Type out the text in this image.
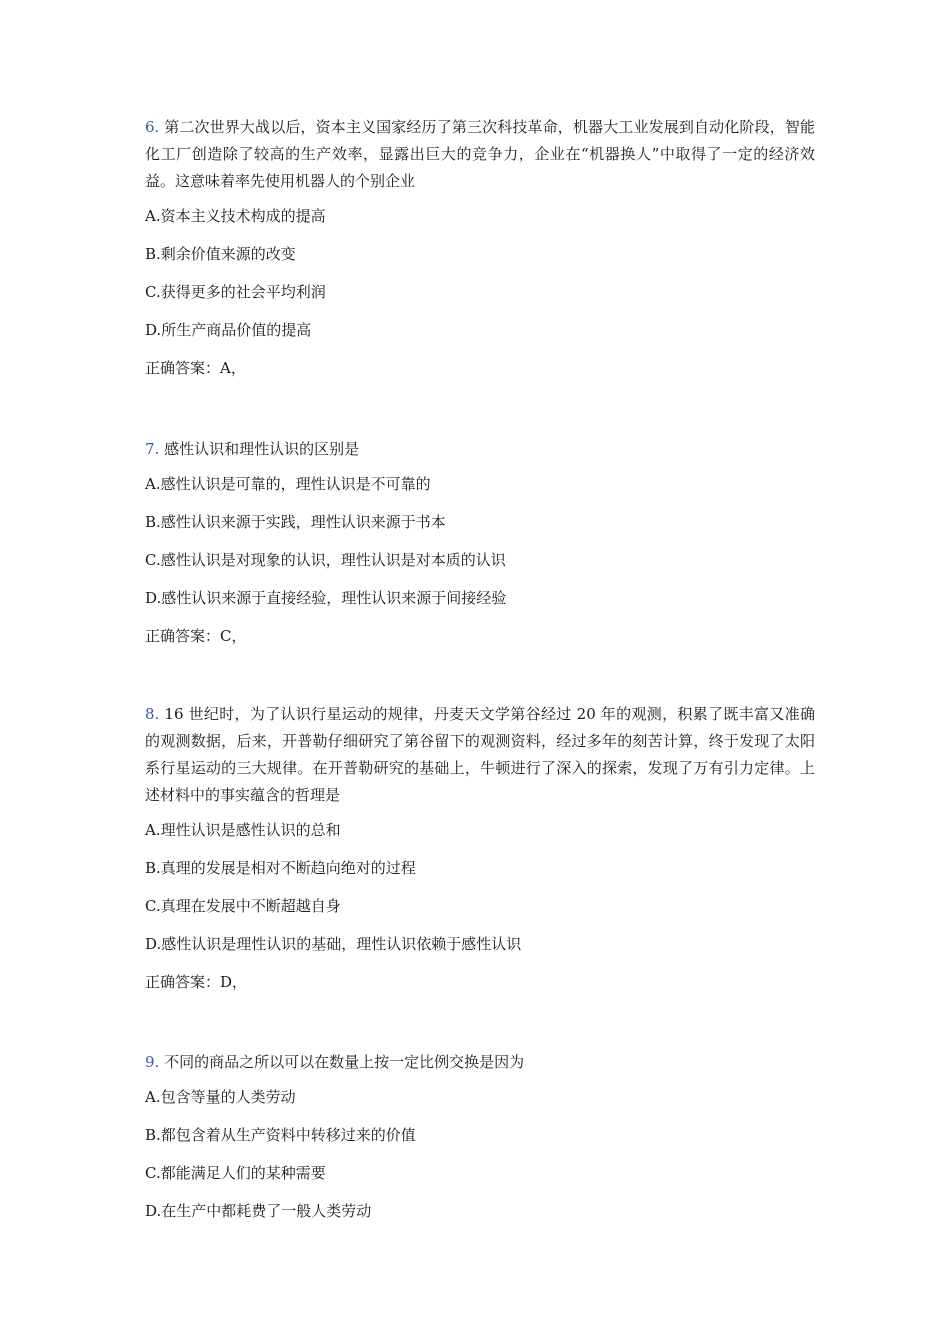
6. 第二次世界大战以后，资本主义国家经历了第三次科技革命，机器大工业发展到自动化阶段，智能化工厂创造除了较高的生产效率，显露出巨大的竞争力，企业在“机器换人”中取得了一定的经济效益。这意味着率先使用机器人的个别企业

A.资本主义技术构成的提高

B.剩余价值来源的改变

C.获得更多的社会平均利润

D.所生产商品价值的提高

正确答案：A，

7. 感性认识和理性认识的区别是

A.感性认识是可靠的，理性认识是不可靠的

B.感性认识来源于实践，理性认识来源于书本

C.感性认识是对现象的认识，理性认识是对本质的认识

D.感性认识来源于直接经验，理性认识来源于间接经验

正确答案：C，

8. 16 世纪时，为了认识行星运动的规律，丹麦天文学第谷经过 20 年的观测，积累了既丰富又准确的观测数据，后来，开普勒仔细研究了第谷留下的观测资料，经过多年的刻苦计算，终于发现了太阳系行星运动的三大规律。在开普勒研究的基础上，牛顿进行了深入的探索，发现了万有引力定律。上述材料中的事实蕴含的哲理是

A.理性认识是感性认识的总和

B.真理的发展是相对不断趋向绝对的过程

C.真理在发展中不断超越自身

D.感性认识是理性认识的基础，理性认识依赖于感性认识

正确答案：D，

9. 不同的商品之所以可以在数量上按一定比例交换是因为

A.包含等量的人类劳动

B.都包含着从生产资料中转移过来的价值

C.都能满足人们的某种需要

D.在生产中都耗费了一般人类劳动
